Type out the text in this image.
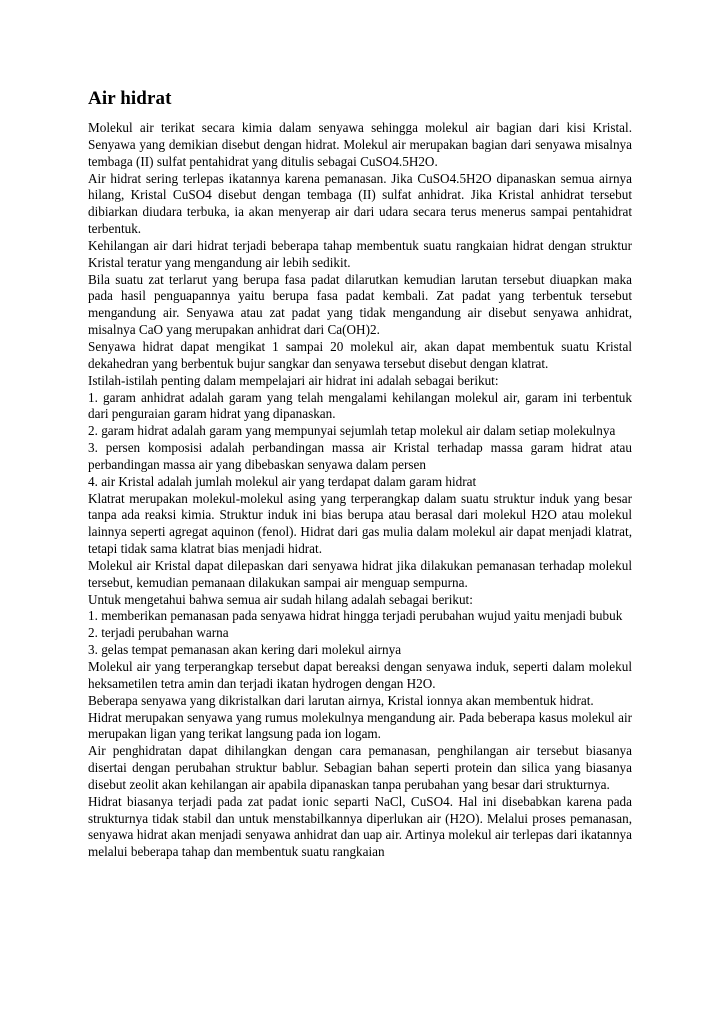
Air hidrat

Molekul air terikat secara kimia dalam senyawa sehingga molekul air bagian dari kisi Kristal. Senyawa yang demikian disebut dengan hidrat. Molekul air merupakan bagian dari senyawa misalnya tembaga (II) sulfat pentahidrat yang ditulis sebagai CuSO4.5H2O.

Air hidrat sering terlepas ikatannya karena pemanasan. Jika CuSO4.5H2O dipanaskan semua airnya hilang, Kristal CuSO4 disebut dengan tembaga (II) sulfat anhidrat. Jika Kristal anhidrat tersebut dibiarkan diudara terbuka, ia akan menyerap air dari udara secara terus menerus sampai pentahidrat terbentuk.

Kehilangan air dari hidrat terjadi beberapa tahap membentuk suatu rangkaian hidrat dengan struktur Kristal teratur yang mengandung air lebih sedikit.

Bila suatu zat terlarut yang berupa fasa padat dilarutkan kemudian larutan tersebut diuapkan maka pada hasil penguapannya yaitu berupa fasa padat kembali. Zat padat yang terbentuk tersebut mengandung air. Senyawa atau zat padat yang tidak mengandung air disebut senyawa anhidrat, misalnya CaO yang merupakan anhidrat dari Ca(OH)2.

Senyawa hidrat dapat mengikat 1 sampai 20 molekul air, akan dapat membentuk suatu Kristal dekahedran yang berbentuk bujur sangkar dan senyawa tersebut disebut dengan klatrat.

Istilah-istilah penting dalam mempelajari air hidrat ini adalah sebagai berikut:

1. garam anhidrat adalah garam yang telah mengalami kehilangan molekul air, garam ini terbentuk dari penguraian garam hidrat yang dipanaskan.

2. garam hidrat adalah garam yang mempunyai sejumlah tetap molekul air dalam setiap molekulnya

3. persen komposisi adalah perbandingan massa air Kristal terhadap massa garam hidrat atau perbandingan massa air yang dibebaskan senyawa dalam persen

4. air Kristal adalah jumlah molekul air yang terdapat dalam garam hidrat

Klatrat merupakan molekul-molekul asing yang terperangkap dalam suatu struktur induk yang besar tanpa ada reaksi kimia. Struktur induk ini bias berupa atau berasal dari molekul H2O atau molekul lainnya seperti agregat aquinon (fenol). Hidrat dari gas mulia dalam molekul air dapat menjadi klatrat, tetapi tidak sama klatrat bias menjadi hidrat.

Molekul air Kristal dapat dilepaskan dari senyawa hidrat jika dilakukan pemanasan terhadap molekul tersebut, kemudian pemanaan dilakukan sampai air menguap sempurna.

Untuk mengetahui bahwa semua air sudah hilang adalah sebagai berikut:

1. memberikan pemanasan pada senyawa hidrat hingga terjadi perubahan wujud yaitu menjadi bubuk

2. terjadi perubahan warna

3. gelas tempat pemanasan akan kering dari molekul airnya

Molekul air yang terperangkap tersebut dapat bereaksi dengan senyawa induk, seperti dalam molekul heksametilen tetra amin dan terjadi ikatan hydrogen dengan H2O.

Beberapa senyawa yang dikristalkan dari larutan airnya, Kristal ionnya akan membentuk hidrat.

Hidrat merupakan senyawa yang rumus molekulnya mengandung air. Pada beberapa kasus molekul air merupakan ligan yang terikat langsung pada ion logam.

Air penghidratan dapat dihilangkan dengan cara pemanasan, penghilangan air tersebut biasanya disertai dengan perubahan struktur bablur. Sebagian bahan seperti protein dan silica yang biasanya disebut zeolit akan kehilangan air apabila dipanaskan tanpa perubahan yang besar dari strukturnya.

Hidrat biasanya terjadi pada zat padat ionic separti NaCl, CuSO4. Hal ini disebabkan karena pada strukturnya tidak stabil dan untuk menstabilkannya diperlukan air (H2O). Melalui proses pemanasan, senyawa hidrat akan menjadi senyawa anhidrat dan uap air. Artinya molekul air terlepas dari ikatannya melalui beberapa tahap dan membentuk suatu rangkaian
